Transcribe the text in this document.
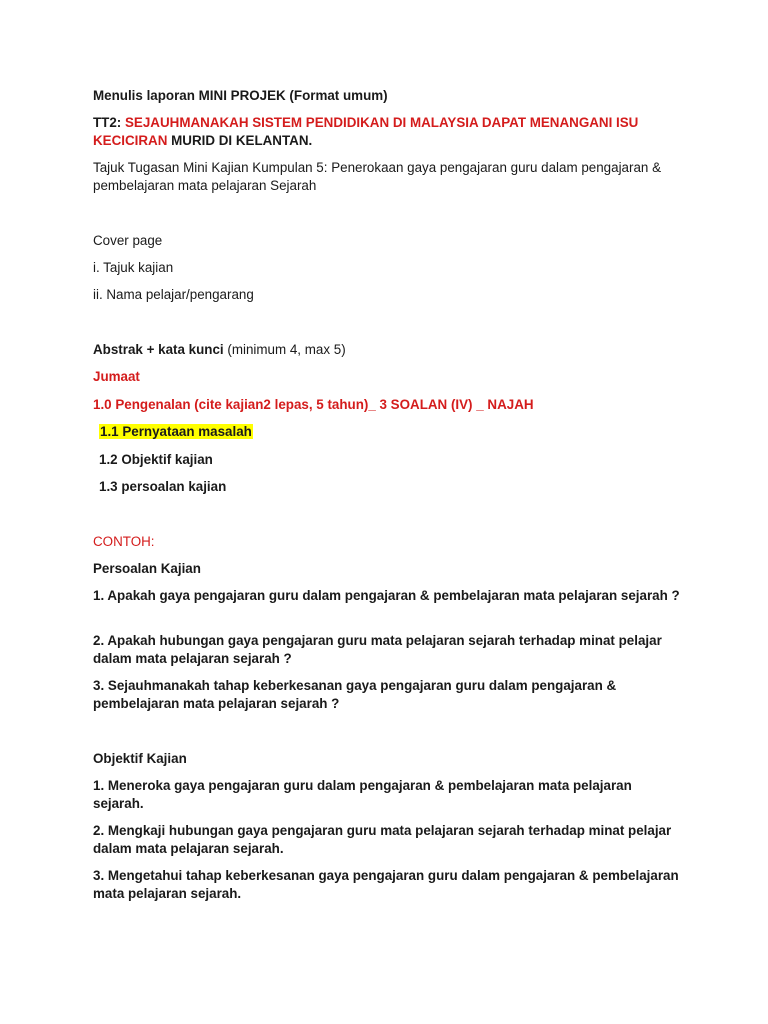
Menulis laporan MINI PROJEK (Format umum)
TT2: SEJAUHMANAKAH SISTEM PENDIDIKAN DI MALAYSIA DAPAT MENANGANI ISU KECICIRAN MURID DI KELANTAN.
Tajuk Tugasan Mini Kajian Kumpulan 5: Penerokaan gaya pengajaran guru dalam pengajaran & pembelajaran mata pelajaran Sejarah
Cover page
i. Tajuk kajian
ii. Nama pelajar/pengarang
Abstrak + kata kunci (minimum 4, max 5)
Jumaat
1.0 Pengenalan (cite kajian2 lepas, 5 tahun)_ 3 SOALAN (IV) _ NAJAH
1.1 Pernyataan masalah
1.2 Objektif kajian
1.3 persoalan kajian
CONTOH:
Persoalan Kajian
1. Apakah gaya pengajaran guru dalam pengajaran & pembelajaran mata pelajaran sejarah ?
2. Apakah hubungan gaya pengajaran guru mata pelajaran sejarah terhadap minat pelajar dalam mata pelajaran sejarah ?
3. Sejauhmanakah tahap keberkesanan gaya pengajaran guru dalam pengajaran & pembelajaran mata pelajaran sejarah ?
Objektif Kajian
1. Meneroka gaya pengajaran guru dalam pengajaran & pembelajaran mata pelajaran sejarah.
2. Mengkaji hubungan gaya pengajaran guru mata pelajaran sejarah terhadap minat pelajar dalam mata pelajaran sejarah.
3. Mengetahui tahap keberkesanan gaya pengajaran guru dalam pengajaran & pembelajaran mata pelajaran sejarah.
